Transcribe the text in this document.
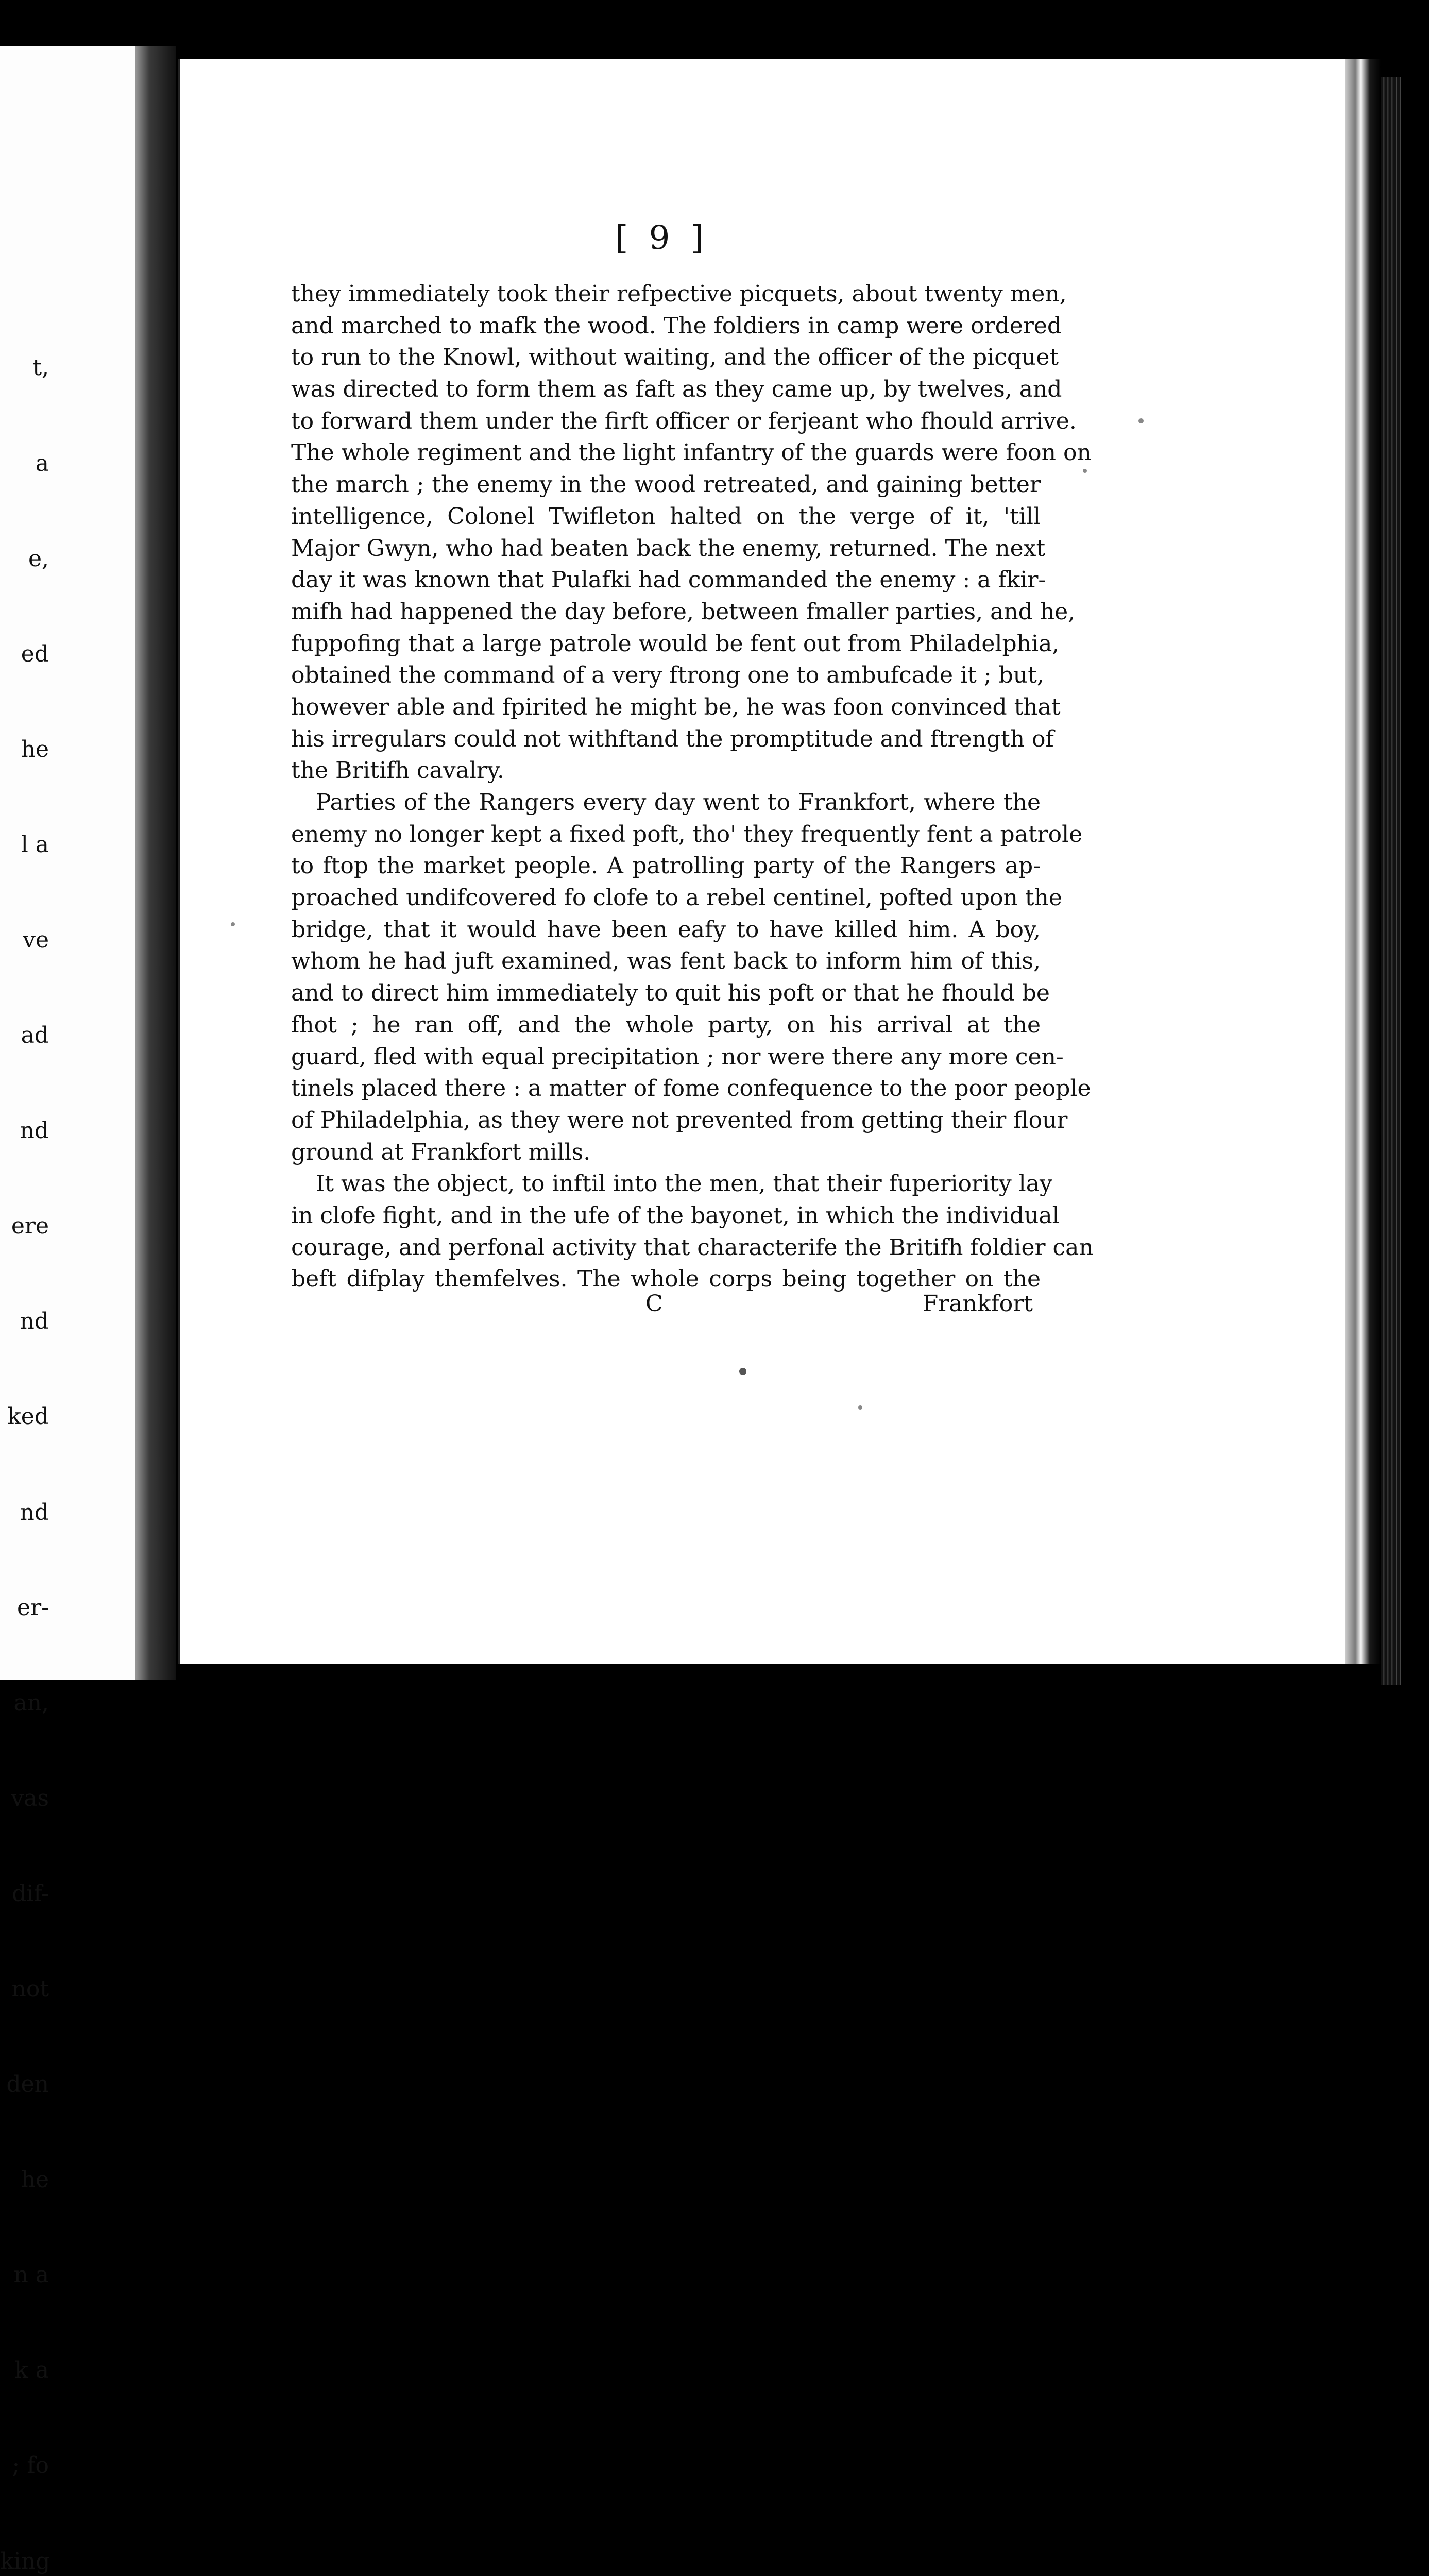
t,

a

e,

ed

he

l a

ve

ad

nd

ere

nd

ked

nd

er-

an,

vas

dif-

not

den

he

n a

k a

; fo

king

[ 9 ]
they immediately took their refpective picquets, about twenty men,
and marched to mafk the wood. The foldiers in camp were ordered
to run to the Knowl, without waiting, and the officer of the picquet
was directed to form them as faft as they came up, by twelves, and
to forward them under the firft officer or ferjeant who fhould arrive.
The whole regiment and the light infantry of the guards were foon on
the march ; the enemy in the wood retreated, and gaining better
intelligence, Colonel Twifleton halted on the verge of it, 'till
Major Gwyn, who had beaten back the enemy, returned. The next
day it was known that Pulafki had commanded the enemy : a fkir-
mifh had happened the day before, between fmaller parties, and he,
fuppofing that a large patrole would be fent out from Philadelphia,
obtained the command of a very ftrong one to ambufcade it ; but,
however able and fpirited he might be, he was foon convinced that
his irregulars could not withftand the promptitude and ftrength of
the Britifh cavalry.
Parties of the Rangers every day went to Frankfort, where the
enemy no longer kept a fixed poft, tho' they frequently fent a patrole
to ftop the market people. A patrolling party of the Rangers ap-
proached undifcovered fo clofe to a rebel centinel, pofted upon the
bridge, that it would have been eafy to have killed him. A boy,
whom he had juft examined, was fent back to inform him of this,
and to direct him immediately to quit his poft or that he fhould be
fhot ; he ran off, and the whole party, on his arrival at the
guard, fled with equal precipitation ; nor were there any more cen-
tinels placed there : a matter of fome confequence to the poor people
of Philadelphia, as they were not prevented from getting their flour
ground at Frankfort mills.
It was the object, to inftil into the men, that their fuperiority lay
in clofe fight, and in the ufe of the bayonet, in which the individual
courage, and perfonal activity that characterife the Britifh foldier can
beft difplay themfelves. The whole corps being together on the
C	Frankfort
